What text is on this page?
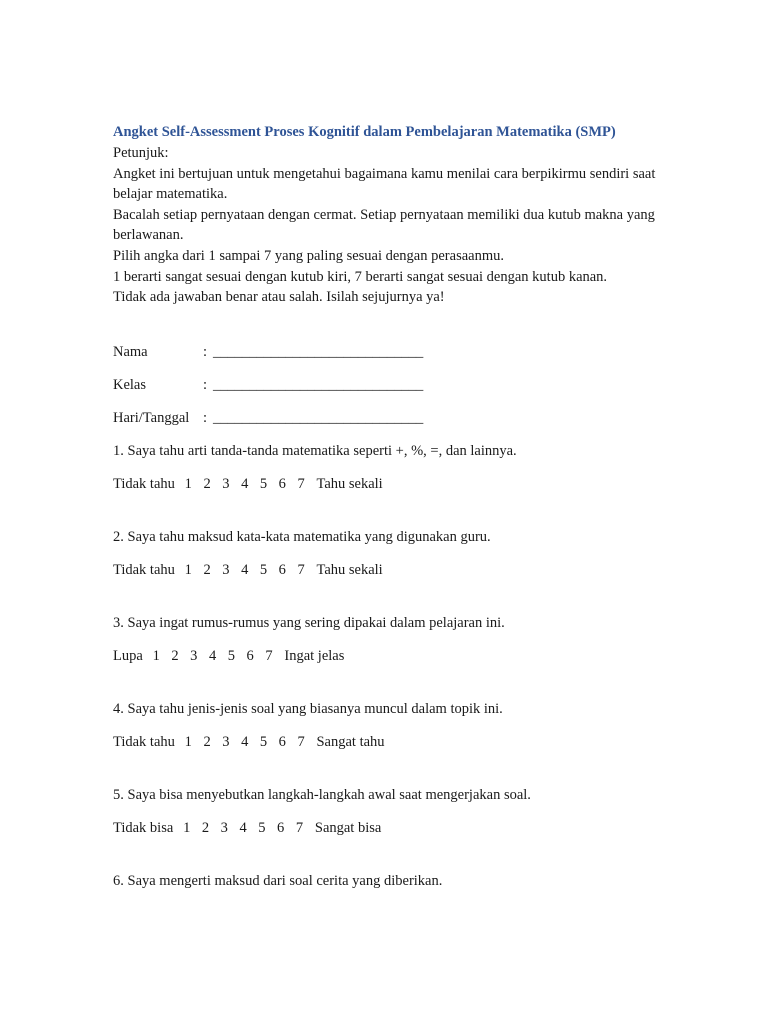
Angket Self-Assessment Proses Kognitif dalam Pembelajaran Matematika (SMP)

Petunjuk:

Angket ini bertujuan untuk mengetahui bagaimana kamu menilai cara berpikirmu sendiri saat belajar matematika.

Bacalah setiap pernyataan dengan cermat. Setiap pernyataan memiliki dua kutub makna yang berlawanan.

Pilih angka dari 1 sampai 7 yang paling sesuai dengan perasaanmu.

1 berarti sangat sesuai dengan kutub kiri, 7 berarti sangat sesuai dengan kutub kanan.

Tidak ada jawaban benar atau salah. Isilah sejujurnya ya!

Nama	: _____________________________
Kelas	: _____________________________
Hari/Tanggal : _____________________________
1. Saya tahu arti tanda-tanda matematika seperti +, %, =, dan lainnya.
Tidak tahu 1 2 3 4 5 6 7 Tahu sekali
2. Saya tahu maksud kata-kata matematika yang digunakan guru.
Tidak tahu 1 2 3 4 5 6 7 Tahu sekali
3. Saya ingat rumus-rumus yang sering dipakai dalam pelajaran ini.
Lupa 1 2 3 4 5 6 7 Ingat jelas
4. Saya tahu jenis-jenis soal yang biasanya muncul dalam topik ini.
Tidak tahu 1 2 3 4 5 6 7 Sangat tahu
5. Saya bisa menyebutkan langkah-langkah awal saat mengerjakan soal.
Tidak bisa 1 2 3 4 5 6 7 Sangat bisa
6. Saya mengerti maksud dari soal cerita yang diberikan.
